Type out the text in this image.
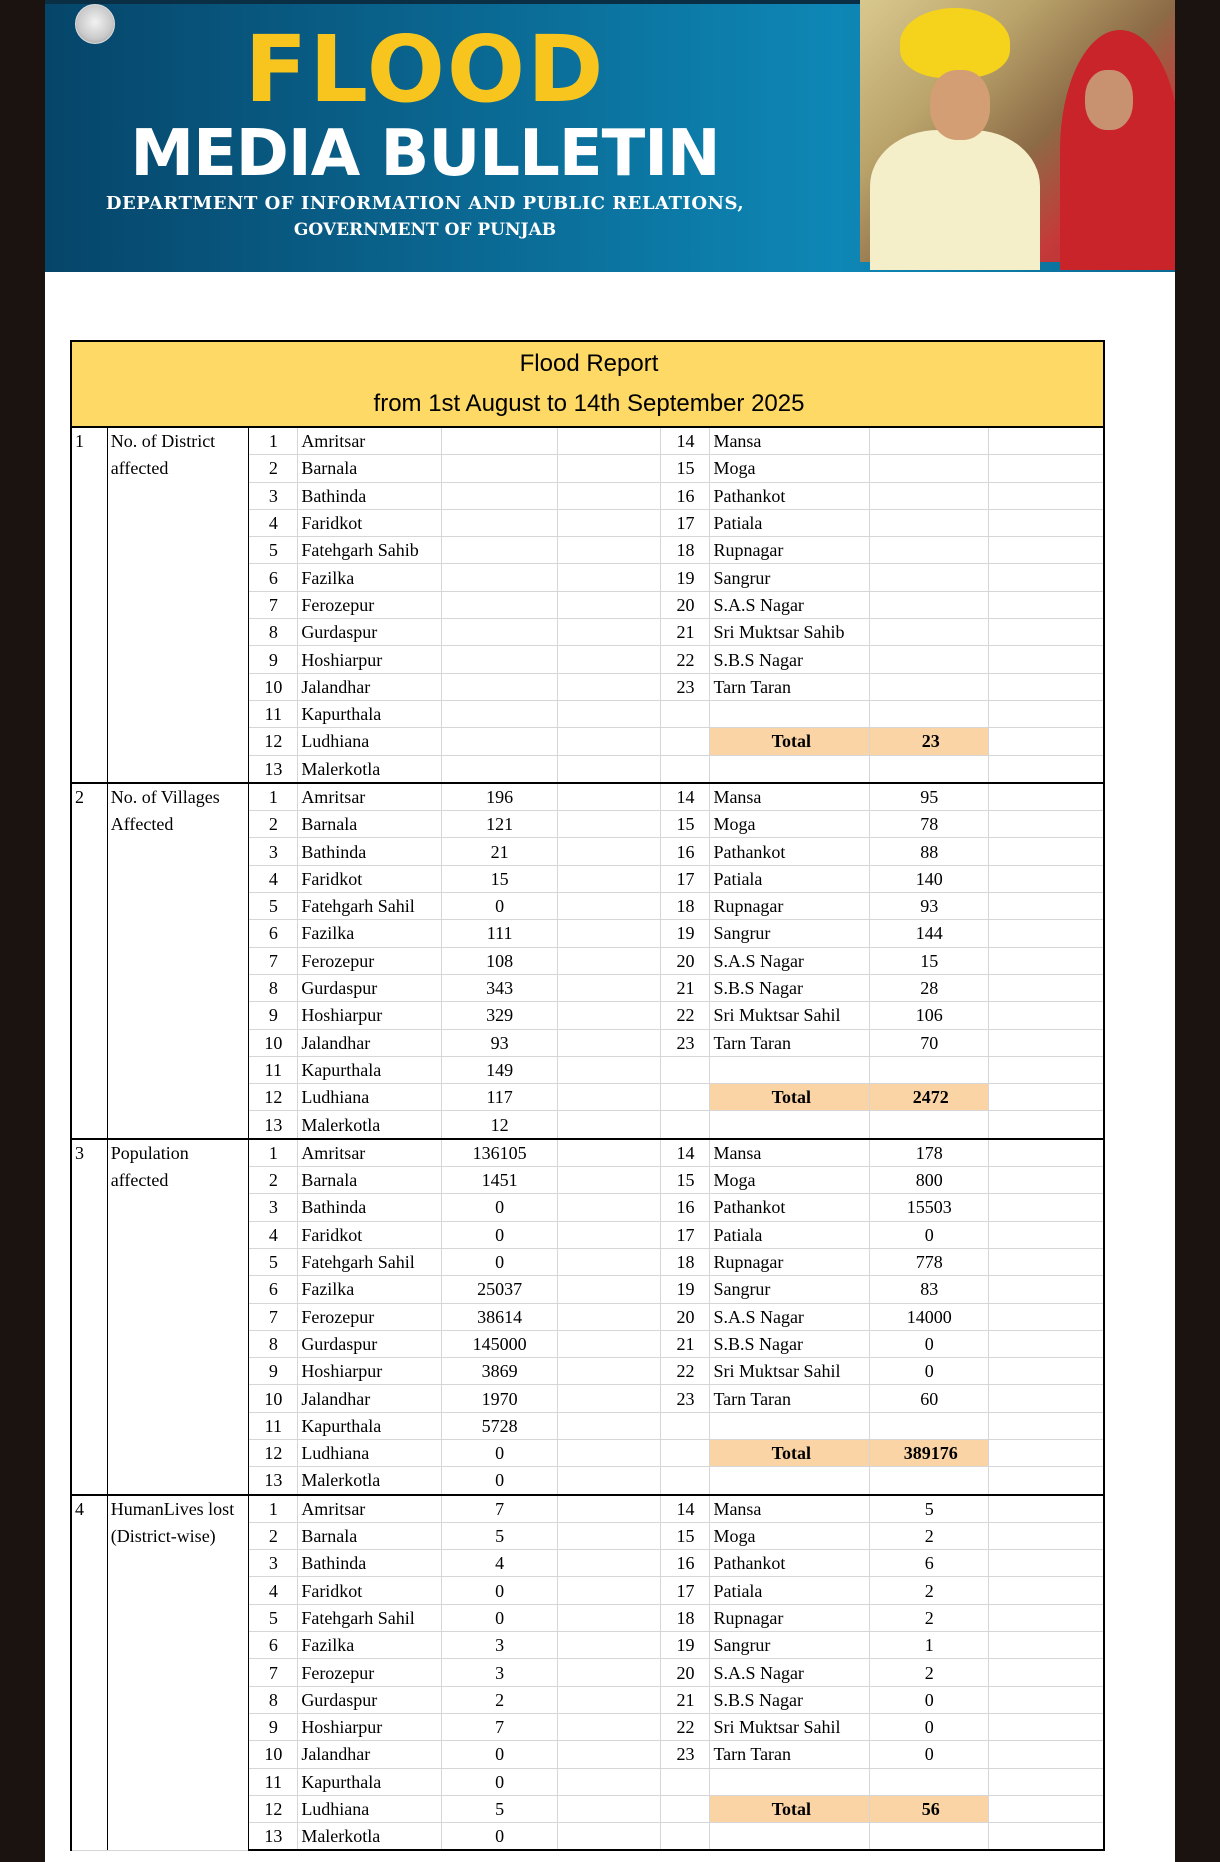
FLOOD
MEDIA BULLETIN
DEPARTMENT OF INFORMATION AND PUBLIC RELATIONS,
GOVERNMENT OF PUNJAB
Flood Report
from 1st August to 14th September 2025									

1	No. of District affected	1	Amritsar			14	Mansa		
		2	Barnala			15	Moga		
		3	Bathinda			16	Pathankot		
		4	Faridkot			17	Patiala		
		5	Fatehgarh Sahib			18	Rupnagar		
		6	Fazilka			19	Sangrur		
		7	Ferozepur			20	S.A.S Nagar		
		8	Gurdaspur			21	Sri Muktsar Sahib		
		9	Hoshiarpur			22	S.B.S Nagar		
		10	Jalandhar			23	Tarn Taran		
		11	Kapurthala						
		12	Ludhiana				Total	23	
		13	Malerkotla						
2	No. of Villages Affected	1	Amritsar	196		14	Mansa	95	
		2	Barnala	121		15	Moga	78	
		3	Bathinda	21		16	Pathankot	88	
		4	Faridkot	15		17	Patiala	140	
		5	Fatehgarh Sahil	0		18	Rupnagar	93	
		6	Fazilka	111		19	Sangrur	144	
		7	Ferozepur	108		20	S.A.S Nagar	15	
		8	Gurdaspur	343		21	S.B.S Nagar	28	
		9	Hoshiarpur	329		22	Sri Muktsar Sahil	106	
		10	Jalandhar	93		23	Tarn Taran	70	
		11	Kapurthala	149					
		12	Ludhiana	117			Total	2472	
		13	Malerkotla	12					
3	Population affected	1	Amritsar	136105		14	Mansa	178	
		2	Barnala	1451		15	Moga	800	
		3	Bathinda	0		16	Pathankot	15503	
		4	Faridkot	0		17	Patiala	0	
		5	Fatehgarh Sahil	0		18	Rupnagar	778	
		6	Fazilka	25037		19	Sangrur	83	
		7	Ferozepur	38614		20	S.A.S Nagar	14000	
		8	Gurdaspur	145000		21	S.B.S Nagar	0	
		9	Hoshiarpur	3869		22	Sri Muktsar Sahil	0	
		10	Jalandhar	1970		23	Tarn Taran	60	
		11	Kapurthala	5728					
		12	Ludhiana	0			Total	389176	
		13	Malerkotla	0					
4	HumanLives lost (District-wise)	1	Amritsar	7		14	Mansa	5	
		2	Barnala	5		15	Moga	2	
		3	Bathinda	4		16	Pathankot	6	
		4	Faridkot	0		17	Patiala	2	
		5	Fatehgarh Sahil	0		18	Rupnagar	2	
		6	Fazilka	3		19	Sangrur	1	
		7	Ferozepur	3		20	S.A.S Nagar	2	
		8	Gurdaspur	2		21	S.B.S Nagar	0	
		9	Hoshiarpur	7		22	Sri Muktsar Sahil	0	
		10	Jalandhar	0		23	Tarn Taran	0	
		11	Kapurthala	0					
		12	Ludhiana	5			Total	56	
		13	Malerkotla	0					
